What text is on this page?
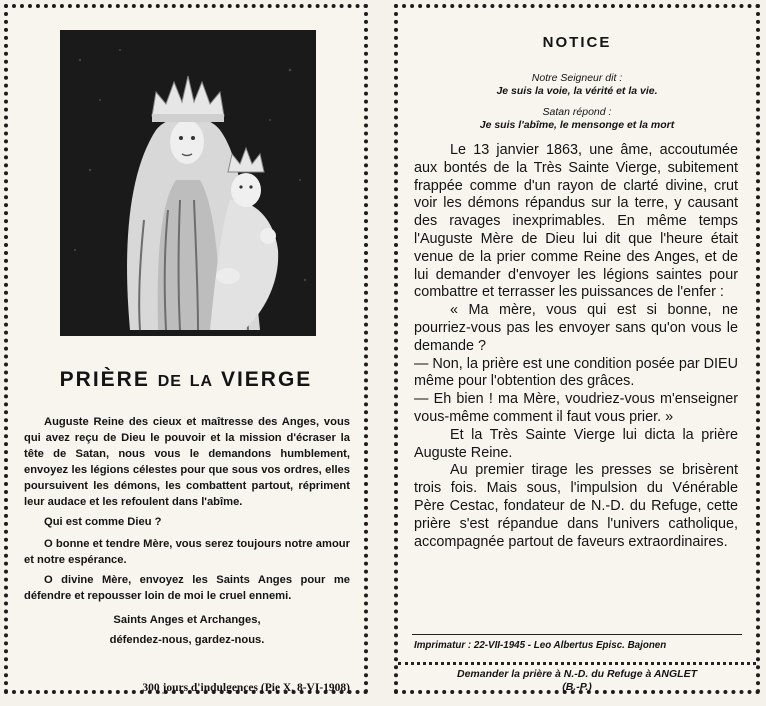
PRIÈRE DE LA VIERGE

Auguste Reine des cieux et maîtresse des Anges, vous qui avez reçu de Dieu le pouvoir et la mission d'écraser la tête de Satan, nous vous le demandons humblement, envoyez les légions célestes pour que sous vos ordres, elles poursuivent les démons, les combattent partout, répriment leur audace et les refoulent dans l'abîme.

Qui est comme Dieu ?

O bonne et tendre Mère, vous serez toujours notre amour et notre espérance.

O divine Mère, envoyez les Saints Anges pour me défendre et repousser loin de moi le cruel ennemi.

Saints Anges et Archanges,

défendez-nous, gardez-nous.

300 jours d'indulgences (Pie X, 8-VI-1908)
NOTICE
Notre Seigneur dit :
Je suis la voie, la vérité et la vie.
Satan répond :
Je suis l'abîme, le mensonge et la mort

Le 13 janvier 1863, une âme, accoutumée aux bontés de la Très Sainte Vierge, subitement frappée comme d'un rayon de clarté divine, crut voir les démons répandus sur la terre, y causant des ravages inexprimables. En même temps l'Auguste Mère de Dieu lui dit que l'heure était venue de la prier comme Reine des Anges, et de lui demander d'envoyer les légions saintes pour combattre et terrasser les puissances de l'enfer :

« Ma mère, vous qui est si bonne, ne pourriez-vous pas les envoyer sans qu'on vous le demande ?

— Non, la prière est une condition posée par DIEU même pour l'obtention des grâces.

— Eh bien ! ma Mère, voudriez-vous m'enseigner vous-même comment il faut vous prier. »

Et la Très Sainte Vierge lui dicta la prière Auguste Reine.

Au premier tirage les presses se brisèrent trois fois. Mais sous, l'impulsion du Vénérable Père Cestac, fondateur de N.-D. du Refuge, cette prière s'est répandue dans l'univers catholique, accompagnée partout de faveurs extraordinaires.

Imprimatur : 22-VII-1945 - Leo Albertus Episc. Bajonen
Demander la prière à N.-D. du Refuge à ANGLET
(B.-P.)
